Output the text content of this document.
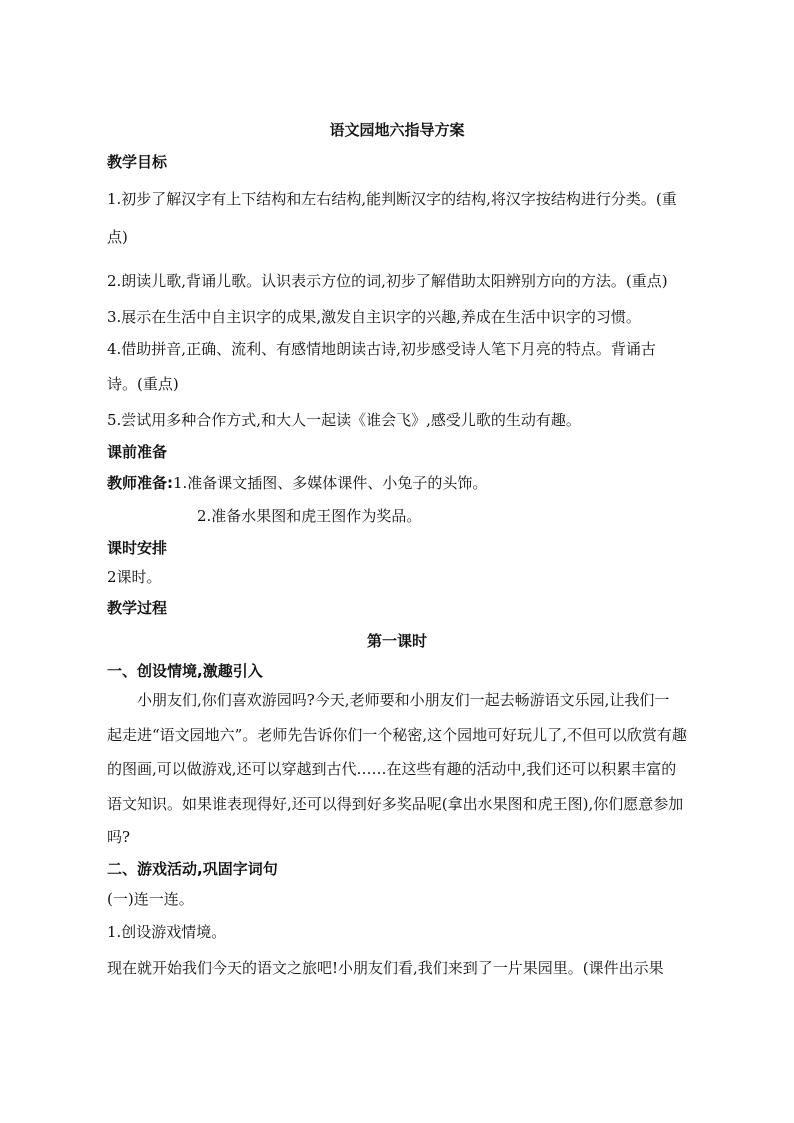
语文园地六指导方案
教学目标
1.初步了解汉字有上下结构和左右结构,能判断汉字的结构,将汉字按结构进行分类。(重
点)
2.朗读儿歌,背诵儿歌。认识表示方位的词,初步了解借助太阳辨别方向的方法。(重点)
3.展示在生活中自主识字的成果,激发自主识字的兴趣,养成在生活中识字的习惯。
4.借助拼音,正确、流利、有感情地朗读古诗,初步感受诗人笔下月亮的特点。背诵古
诗。(重点)
5.尝试用多种合作方式,和大人一起读《谁会飞》,感受儿歌的生动有趣。
课前准备
教师准备:1.准备课文插图、多媒体课件、小兔子的头饰。
2.准备水果图和虎王图作为奖品。
课时安排
2课时。
教学过程
第一课时
一、创设情境,激趣引入
小朋友们,你们喜欢游园吗?今天,老师要和小朋友们一起去畅游语文乐园,让我们一
起走进“语文园地六”。老师先告诉你们一个秘密,这个园地可好玩儿了,不但可以欣赏有趣
的图画,可以做游戏,还可以穿越到古代……在这些有趣的活动中,我们还可以积累丰富的
语文知识。如果谁表现得好,还可以得到好多奖品呢(拿出水果图和虎王图),你们愿意参加
吗?
二、游戏活动,巩固字词句
(一)连一连。
1.创设游戏情境。
现在就开始我们今天的语文之旅吧!小朋友们看,我们来到了一片果园里。(课件出示果
